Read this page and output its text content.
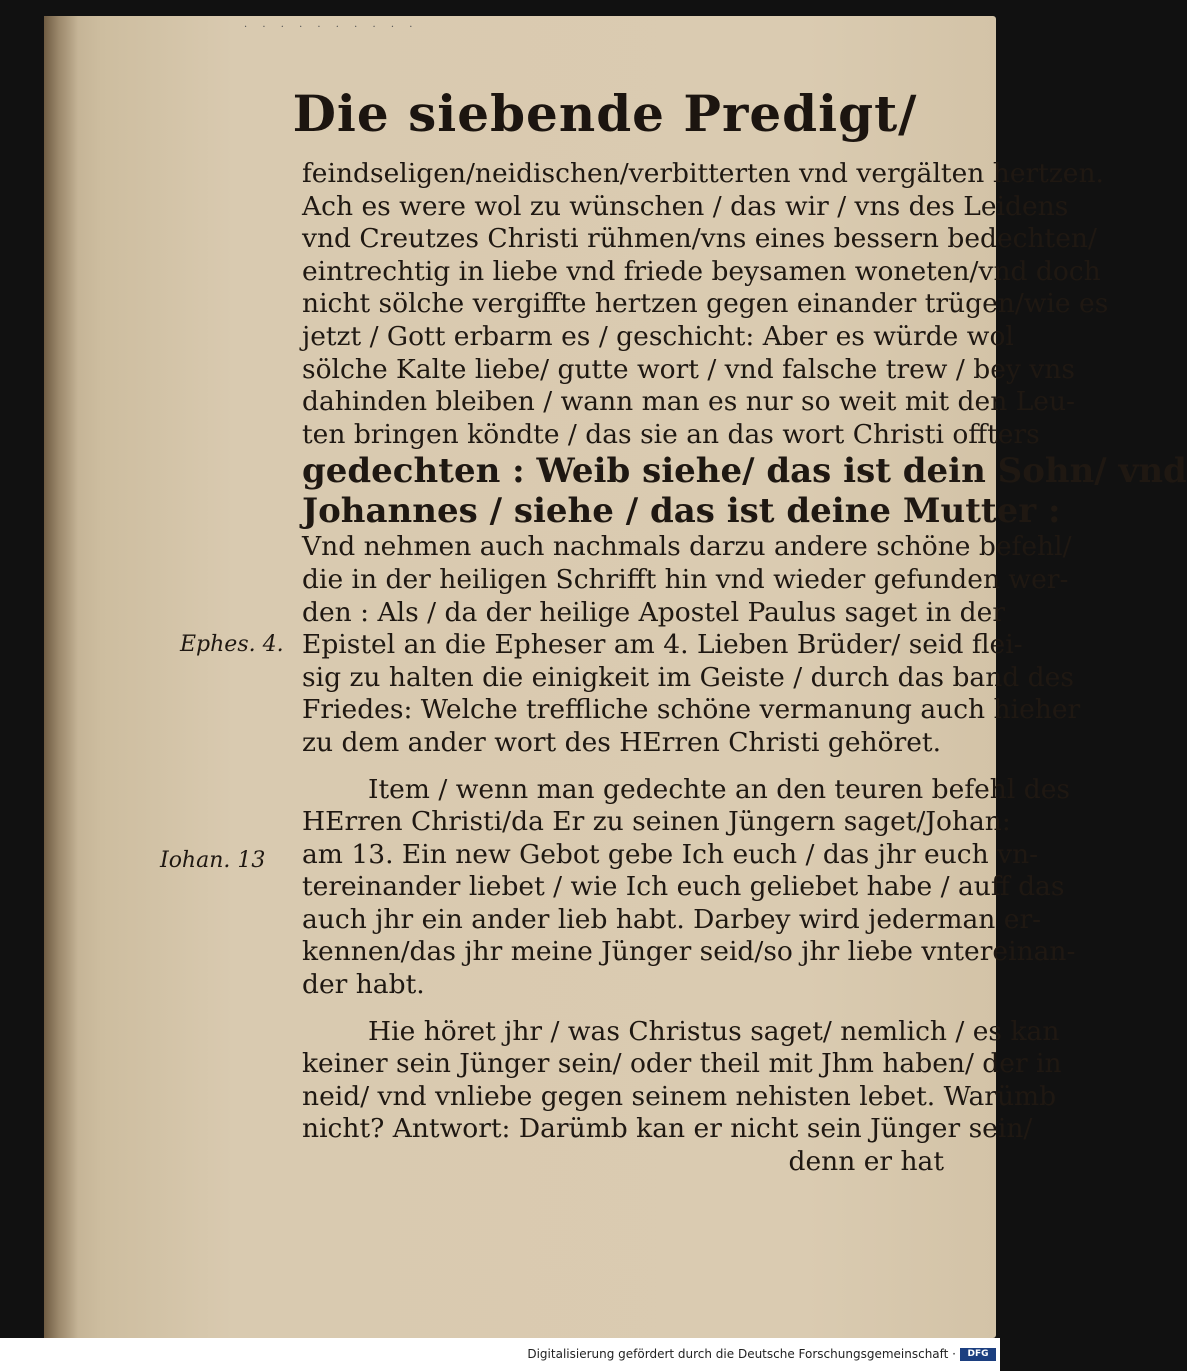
· · · · · · · · · ·
Die siebende Predigt/
Ephes. 4.
Iohan. 13
feindseligen/neidischen/verbitterten vnd vergälten hertzen.
Ach es were wol zu wünschen / das wir / vns des Leidens
vnd Creutzes Christi rühmen/vns eines bessern bedechten/
eintrechtig in liebe vnd friede beysamen woneten/vnd doch
nicht sölche vergiffte hertzen gegen einander trügen/wie es
jetzt / Gott erbarm es / geschicht: Aber es würde wol
sölche Kalte liebe/ gutte wort / vnd falsche trew / bey vns
dahinden bleiben / wann man es nur so weit mit den Leu-
ten bringen köndte / das sie an das wort Christi offters
gedechten : Weib siehe/ das ist dein Sohn/ vnd
Johannes / siehe / das ist deine Mutter :
Vnd nehmen auch nachmals darzu andere schöne befehl/
die in der heiligen Schrifft hin vnd wieder gefunden wer-
den : Als / da der heilige Apostel Paulus saget in der
Epistel an die Epheser am 4. Lieben Brüder/ seid flei-
sig zu halten die einigkeit im Geiste / durch das band des
Friedes: Welche treffliche schöne vermanung auch hieher
zu dem ander wort des HErren Christi gehöret.
Item / wenn man gedechte an den teuren befehl des
HErren Christi/da Er zu seinen Jüngern saget/Johan:
am 13. Ein new Gebot gebe Ich euch / das jhr euch vn-
tereinander liebet / wie Ich euch geliebet habe / auff das
auch jhr ein ander lieb habt. Darbey wird jederman er-
kennen/das jhr meine Jünger seid/so jhr liebe vntereinan-
der habt.
Hie höret jhr / was Christus saget/ nemlich / es kan
keiner sein Jünger sein/ oder theil mit Jhm haben/ der in
neid/ vnd vnliebe gegen seinem nehisten lebet. Warümb
nicht? Antwort: Darümb kan er nicht sein Jünger sein/
denn er hat
Digitalisierung gefördert durch die Deutsche Forschungsgemeinschaft ·	DFG
